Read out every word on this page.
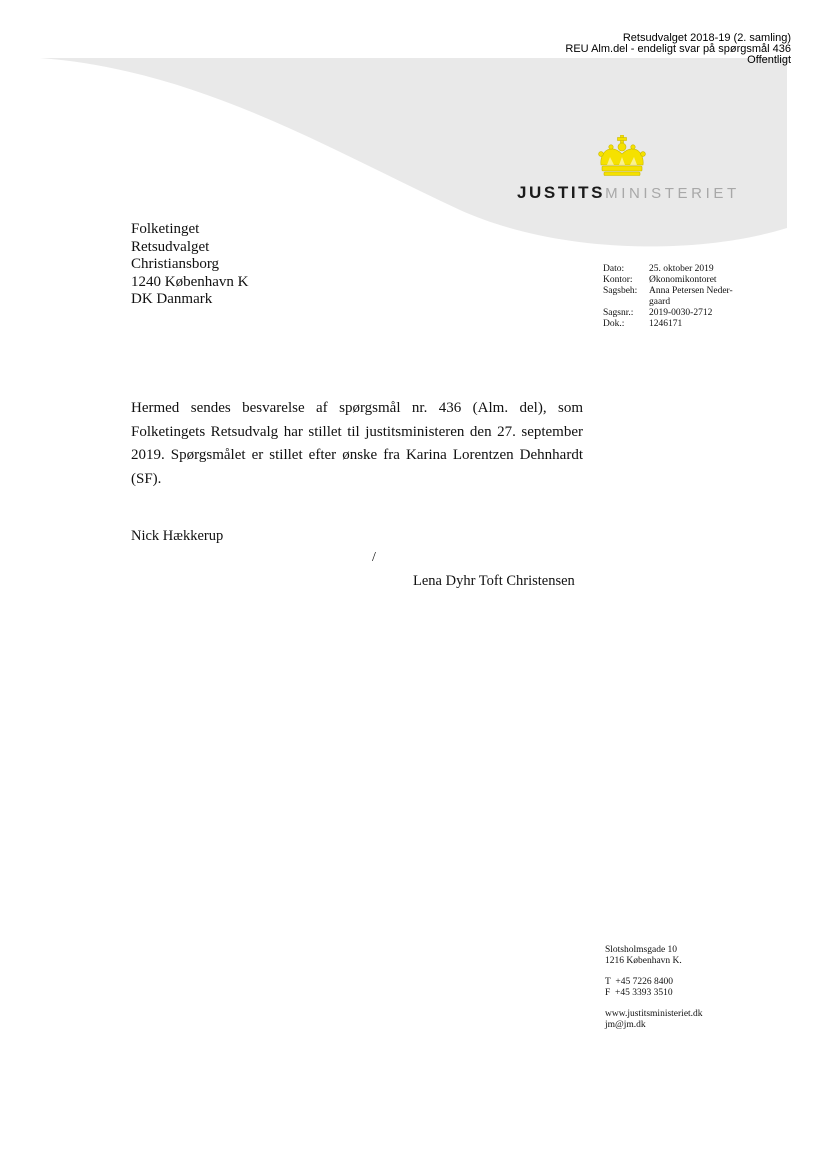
Retsudvalget 2018-19 (2. samling)
REU Alm.del - endeligt svar på spørgsmål 436
Offentligt
JUSTITSMINISTERIET
Folketinget
Retsudvalget
Christiansborg
1240 København K
DK Danmark
Dato:	25. oktober 2019
Kontor:	Økonomikontoret
Sagsbeh:	Anna Petersen Neder-
gaard
Sagsnr.:	2019-0030-2712
Dok.:	1246171

Hermed sendes besvarelse af spørgsmål nr. 436 (Alm. del), som Folketingets Retsudvalg har stillet til justitsministeren den 27. september 2019. Spørgsmålet er stillet efter ønske fra Karina Lorentzen Dehnhardt (SF).

Nick Hækkerup
/
Lena Dyhr Toft Christensen
Slotsholmsgade 10
1216 København K.
T  +45 7226 8400
F  +45 3393 3510
www.justitsministeriet.dk
jm@jm.dk
